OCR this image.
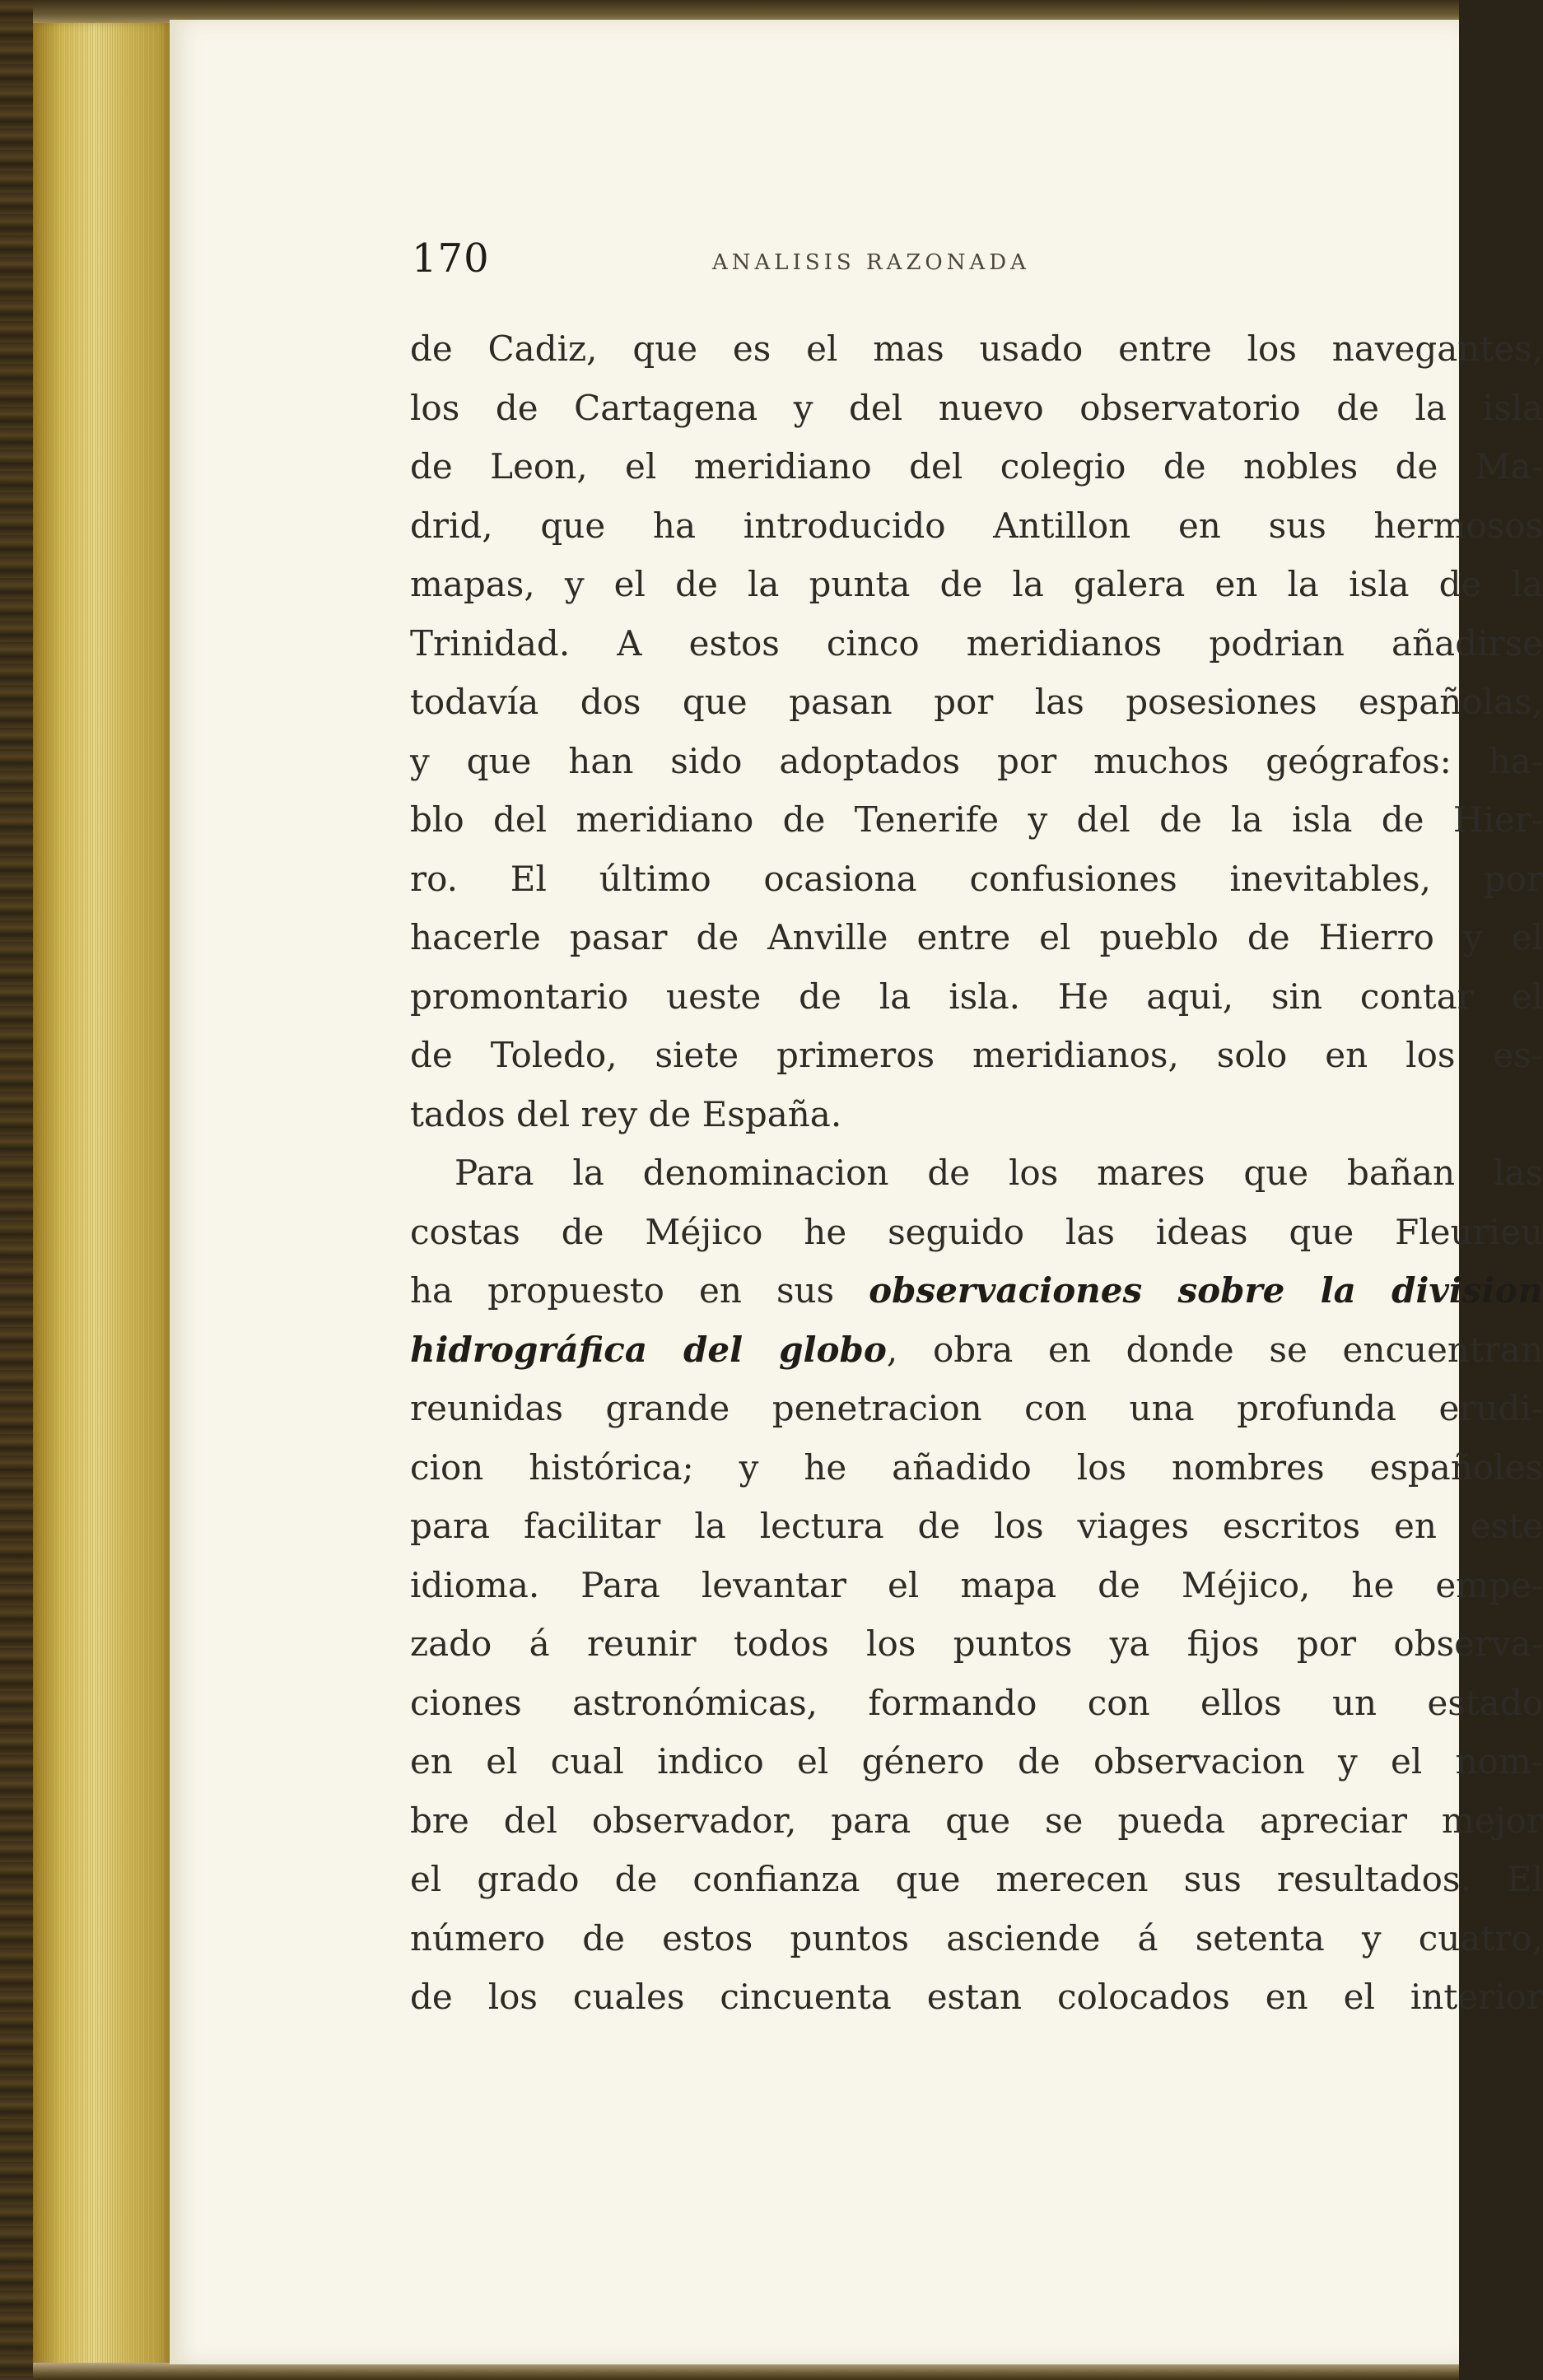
170	ANALISIS RAZONADA
de Cadiz, que es el mas usado entre los navegantes,
los de Cartagena y del nuevo observatorio de la isla
de Leon, el meridiano del colegio de nobles de Ma-
drid, que ha introducido Antillon en sus hermosos
mapas, y el de la punta de la galera en la isla de la
Trinidad. A estos cinco meridianos podrian añadirse
todavía dos que pasan por las posesiones españolas,
y que han sido adoptados por muchos geógrafos: ha-
blo del meridiano de Tenerife y del de la isla de Hier-
ro. El último ocasiona confusiones inevitables, por
hacerle pasar de Anville entre el pueblo de Hierro y el
promontario ueste de la isla. He aqui, sin contar el
de Toledo, siete primeros meridianos, solo en los es-
tados del rey de España.
Para la denominacion de los mares que bañan las
costas de Méjico he seguido las ideas que Fleurieu
ha propuesto en sus observaciones sobre la division
hidrográfica del globo, obra en donde se encuentran
reunidas grande penetracion con una profunda erudi-
cion histórica; y he añadido los nombres españoles
para facilitar la lectura de los viages escritos en este
idioma. Para levantar el mapa de Méjico, he empe-
zado á reunir todos los puntos ya fijos por observa-
ciones astronómicas, formando con ellos un estado
en el cual indico el género de observacion y el nom-
bre del observador, para que se pueda apreciar mejor
el grado de confianza que merecen sus resultados. El
número de estos puntos asciende á setenta y cuatro,
de los cuales cincuenta estan colocados en el interior
